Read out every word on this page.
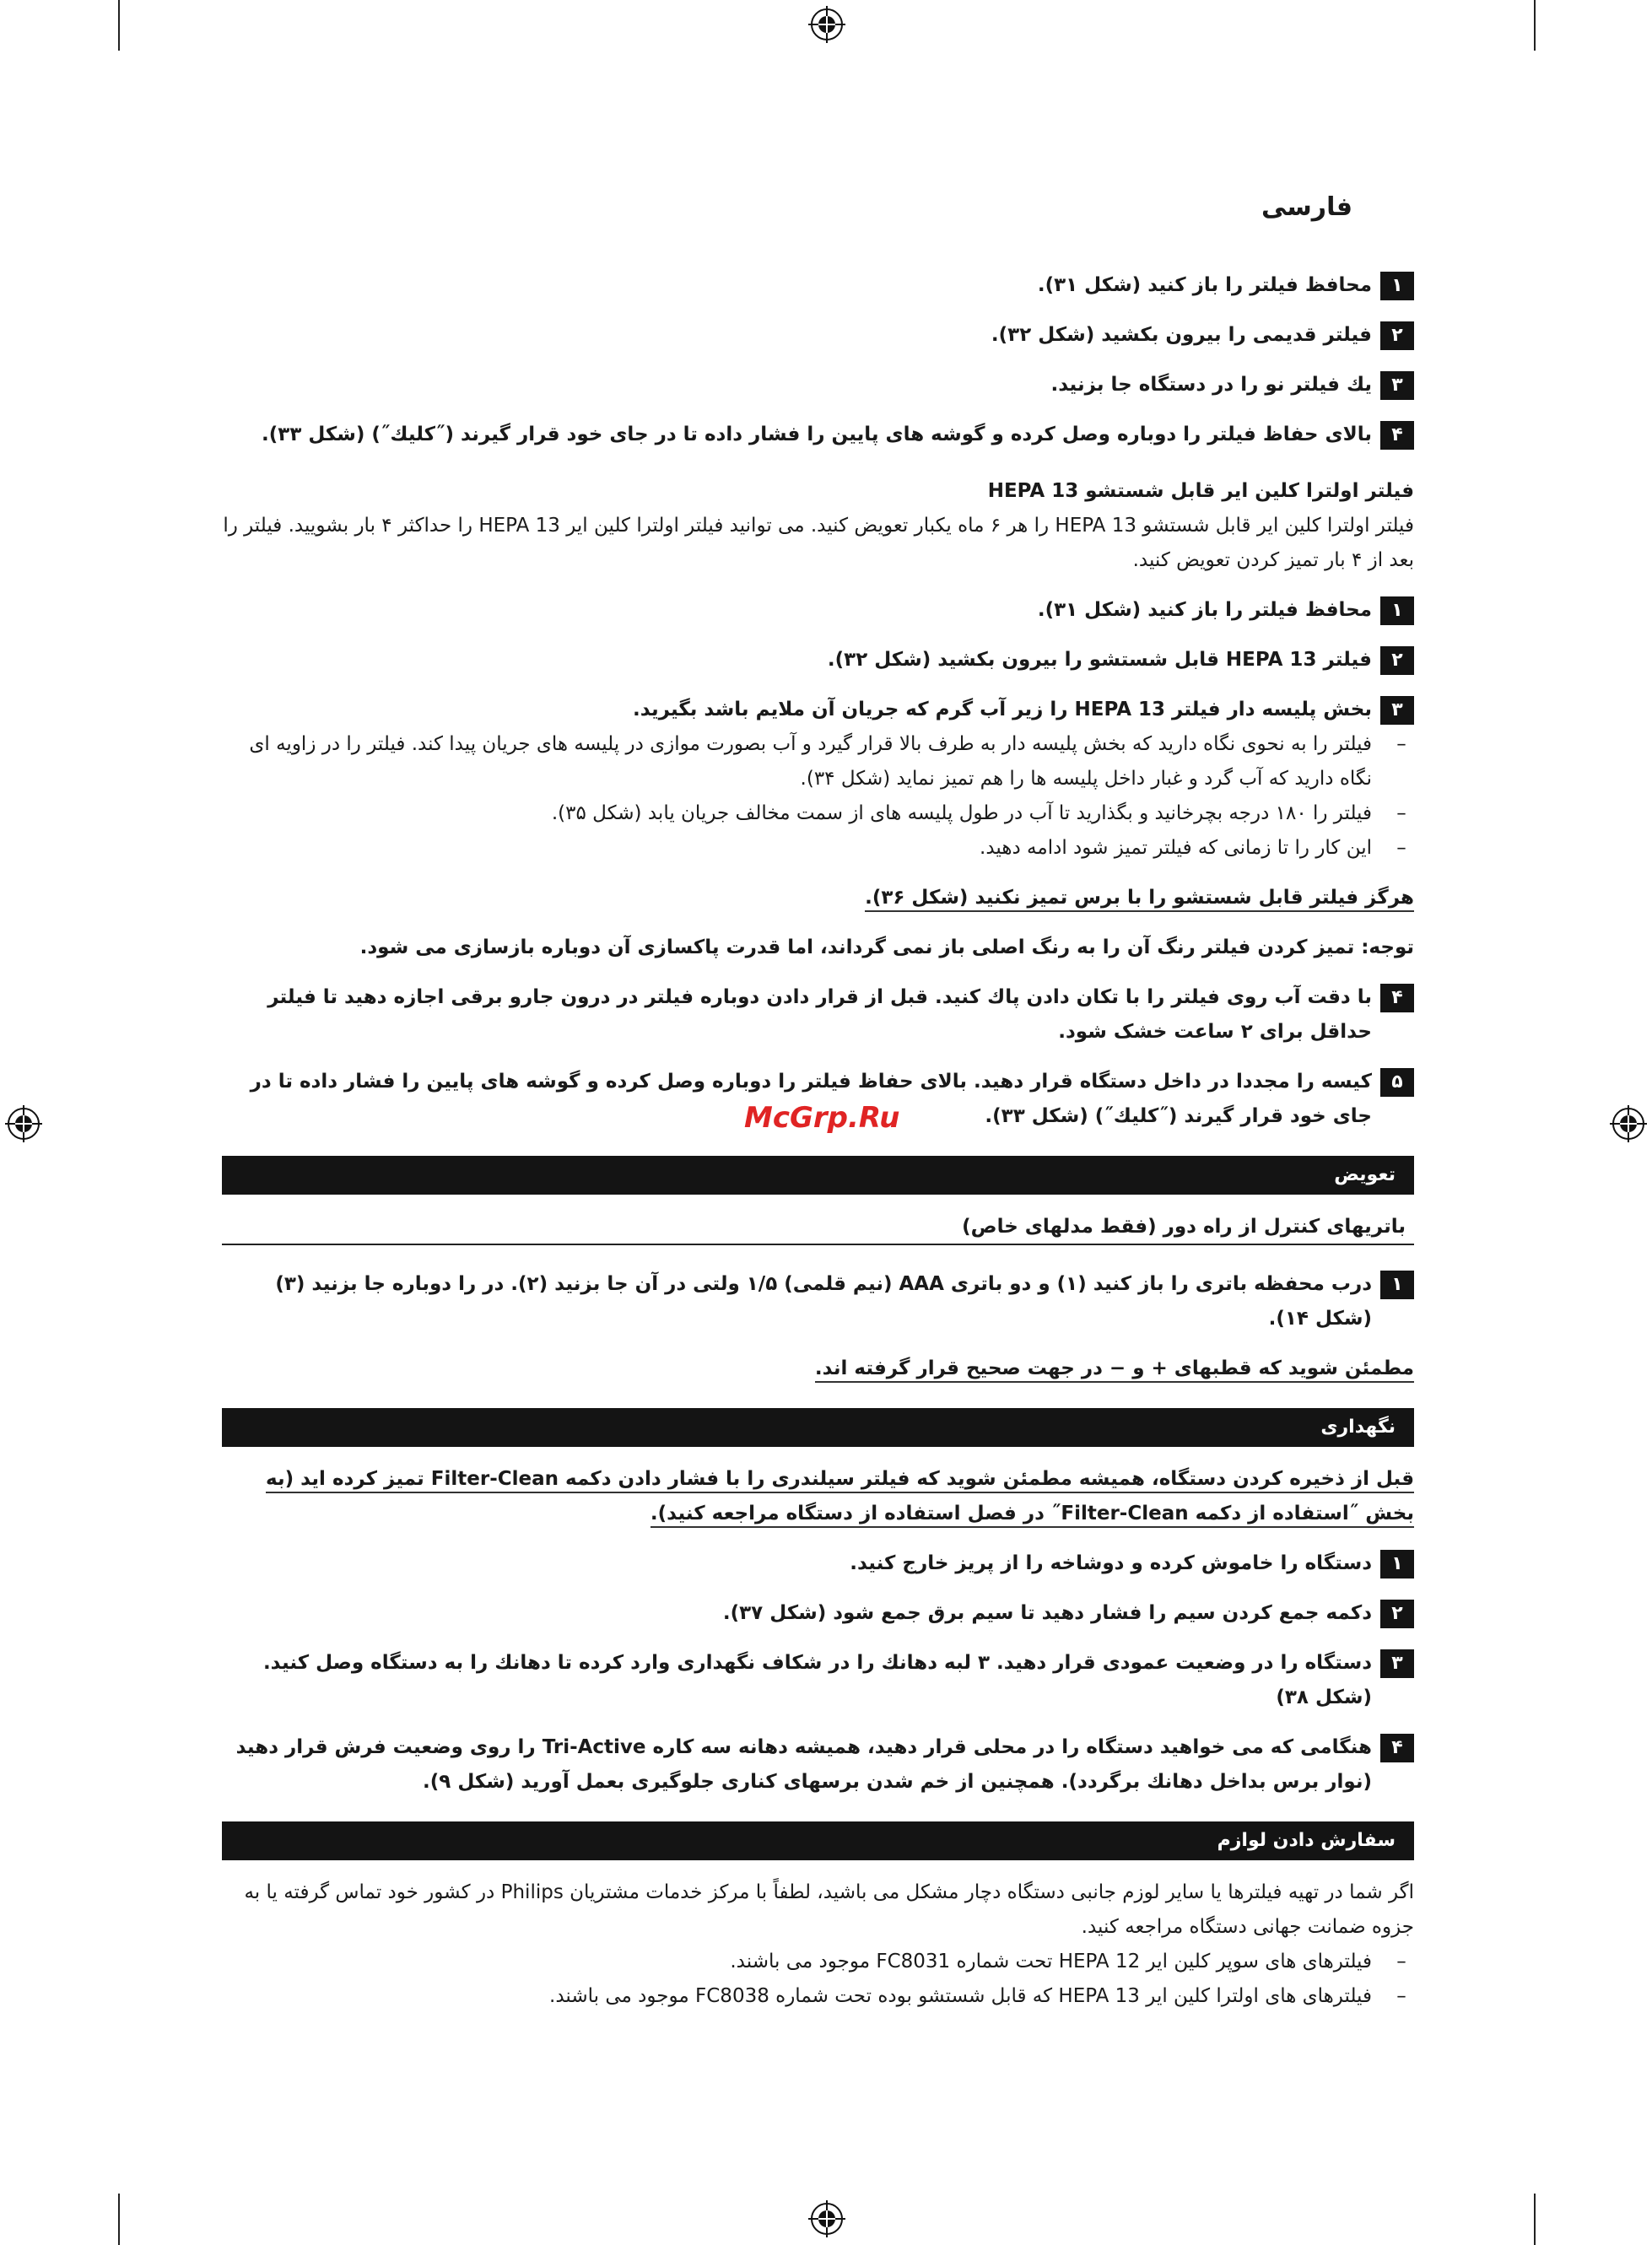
فارسی
McGrp.Ru
۱
محافظ فیلتر را باز کنید (شکل ۳۱).
۲
فیلتر قدیمی را بیرون بکشید (شکل ۳۲).
۳
یك فیلتر نو را در دستگاه جا بزنید.
۴
بالای حفاظ فیلتر را دوباره وصل کرده و گوشه های پایین را فشار داده تا در جای خود قرار گیرند (˝کلیك˝) (شکل ۳۳).
فیلتر اولترا کلین ایر قابل شستشو HEPA 13
فیلتر اولترا کلین ایر قابل شستشو HEPA 13 را هر ۶ ماه یکبار تعویض کنید. می توانید فیلتر اولترا کلین ایر HEPA 13 را حداکثر ۴ بار بشویید. فیلتر را بعد از ۴ بار تمیز کردن تعویض کنید.
۱
محافظ فیلتر را باز کنید (شکل ۳۱).
۲
فیلتر HEPA 13 قابل شستشو را بیرون بکشید (شکل ۳۲).
۳
بخش پلیسه دار فیلتر HEPA 13 را زیر آب گرم که جریان آن ملایم باشد بگیرید.
–
فیلتر را به نحوی نگاه دارید که بخش پلیسه دار به طرف بالا قرار گیرد و آب بصورت موازی در پلیسه های جریان پیدا کند. فیلتر را در زاویه ای نگاه دارید که آب گرد و غبار داخل پلیسه ها را هم تمیز نماید (شکل ۳۴).
–
فیلتر را ۱۸۰ درجه بچرخانید و بگذارید تا آب در طول پلیسه های از سمت مخالف جریان یابد (شکل ۳۵).
–
این کار را تا زمانی که فیلتر تمیز شود ادامه دهید.
هرگز فیلتر قابل شستشو را با برس تمیز نکنید (شکل ۳۶).
توجه: تمیز کردن فیلتر رنگ آن را به رنگ اصلی باز نمی گرداند، اما قدرت پاکسازی آن دوباره بازسازی می شود.
۴
با دقت آب روی فیلتر را با تکان دادن پاك کنید. قبل از قرار دادن دوباره فیلتر در درون جارو برقی اجازه دهید تا فیلتر حداقل برای ۲ ساعت خشک شود.
۵
کیسه را مجددا در داخل دستگاه قرار دهید. بالای حفاظ فیلتر را دوباره وصل کرده و گوشه های پایین را فشار داده تا در جای خود قرار گیرند (˝کلیك˝) (شکل ۳۳).
تعویض
باتریهای کنترل از راه دور (فقط مدلهای خاص)
۱
درب محفظه باتری را باز کنید (۱) و دو باتری AAA (نیم قلمی) ۱/۵ ولتی در آن جا بزنید (۲). در را دوباره جا بزنید (۳) (شکل ۱۴).
مطمئن شوید که قطبهای + و − در جهت صحیح قرار گرفته اند.
نگهداری
قبل از ذخیره کردن دستگاه، همیشه مطمئن شوید که فیلتر سیلندری را با فشار دادن دکمه Filter-Clean تمیز کرده اید (به بخش ˝استفاده از دکمه Filter-Clean˝ در فصل ‌استفاده از دستگاه‌ مراجعه کنید).
۱
دستگاه را خاموش کرده و دوشاخه را از پریز خارج کنید.
۲
دکمه جمع کردن سیم را فشار دهید تا سیم برق جمع شود (شکل ۳۷).
۳
دستگاه را در وضعیت عمودی قرار دهید. ۳ لبه دهانك را در شکاف نگهداری وارد کرده تا دهانك را به دستگاه وصل کنید. (شکل ۳۸)
۴
هنگامی که می خواهید دستگاه را در محلی قرار دهید، همیشه دهانه سه کاره Tri-Active را روی وضعیت فرش قرار دهید (نوار برس بداخل دهانك برگردد). همچنین از خم شدن برسهای کناری جلوگیری بعمل آورید (شکل ۹).
سفارش دادن لوازم
اگر شما در تهیه فیلترها یا سایر لوزم جانبی دستگاه دچار مشکل می باشید، لطفاً با مرکز خدمات مشتریان Philips در کشور خود تماس گرفته یا به جزوه ضمانت جهانی دستگاه مراجعه کنید.
–
فیلترهای های سوپر کلین ایر HEPA 12 تحت شماره FC8031 موجود می باشند.
–
فیلترهای های اولترا کلین ایر HEPA 13 که قابل شستشو بوده تحت شماره FC8038 موجود می باشند.
